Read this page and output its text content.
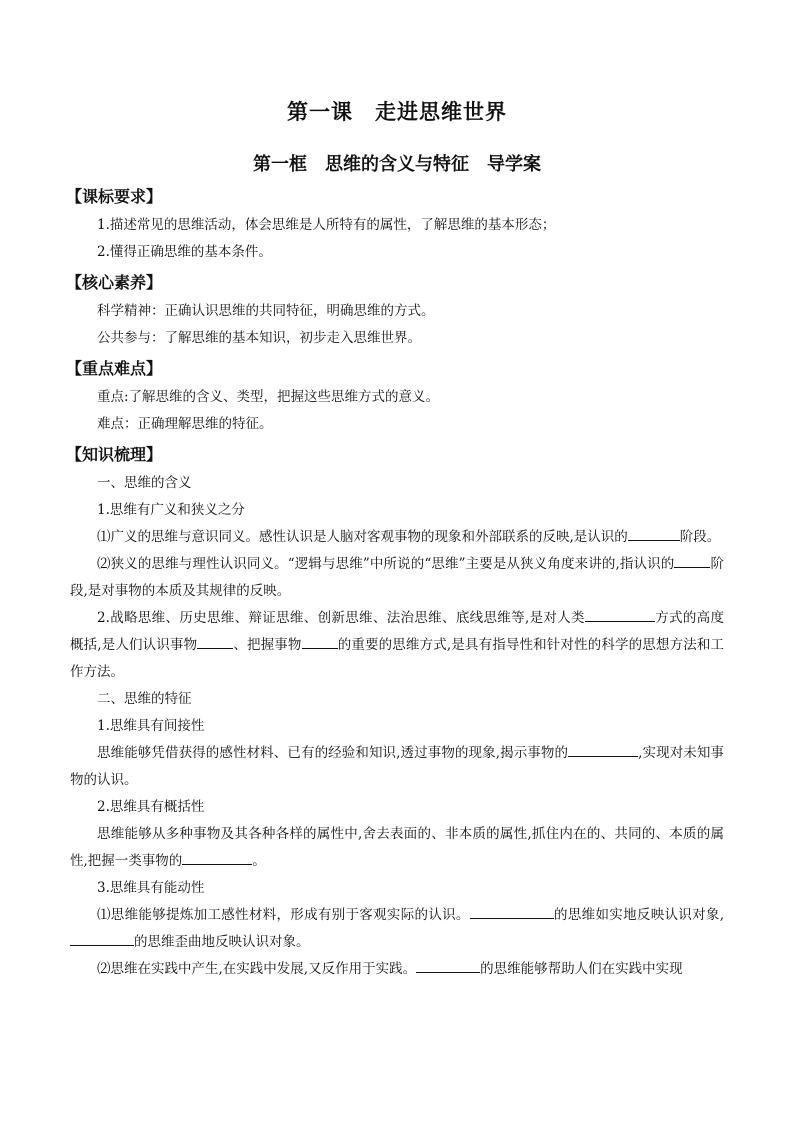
第一课　走进思维世界
第一框　思维的含义与特征　导学案
【课标要求】

1.描述常见的思维活动，体会思维是人所特有的属性，了解思维的基本形态；

2.懂得正确思维的基本条件。

【核心素养】

科学精神：正确认识思维的共同特征，明确思维的方式。

公共参与：了解思维的基本知识，初步走入思维世界。

【重点难点】

重点:了解思维的含义、类型，把握这些思维方式的意义。

难点：正确理解思维的特征。

【知识梳理】

一、思维的含义

1.思维有广义和狭义之分

⑴广义的思维与意识同义。感性认识是人脑对客观事物的现象和外部联系的反映,是认识的	阶段。

⑵狭义的思维与理性认识同义。“逻辑与思维”中所说的“思维”主要是从狭义角度来讲的,指认识的	阶段,是对事物的本质及其规律的反映。

2.战略思维、历史思维、辩证思维、创新思维、法治思维、底线思维等,是对人类	方式的高度概括,是人们认识事物	、把握事物	的重要的思维方式,是具有指导性和针对性的科学的思想方法和工作方法。

二、思维的特征

1.思维具有间接性

思维能够凭借获得的感性材料、已有的经验和知识,透过事物的现象,揭示事物的	,实现对未知事物的认识。

2.思维具有概括性

思维能够从多种事物及其各种各样的属性中,舍去表面的、非本质的属性,抓住内在的、共同的、本质的属性,把握一类事物的	。

3.思维具有能动性

⑴思维能够提炼加工感性材料，形成有别于客观实际的认识。	的思维如实地反映认识对象,的思维歪曲地反映认识对象。

⑵思维在实践中产生,在实践中发展,又反作用于实践。	的思维能够帮助人们在实践中实现
